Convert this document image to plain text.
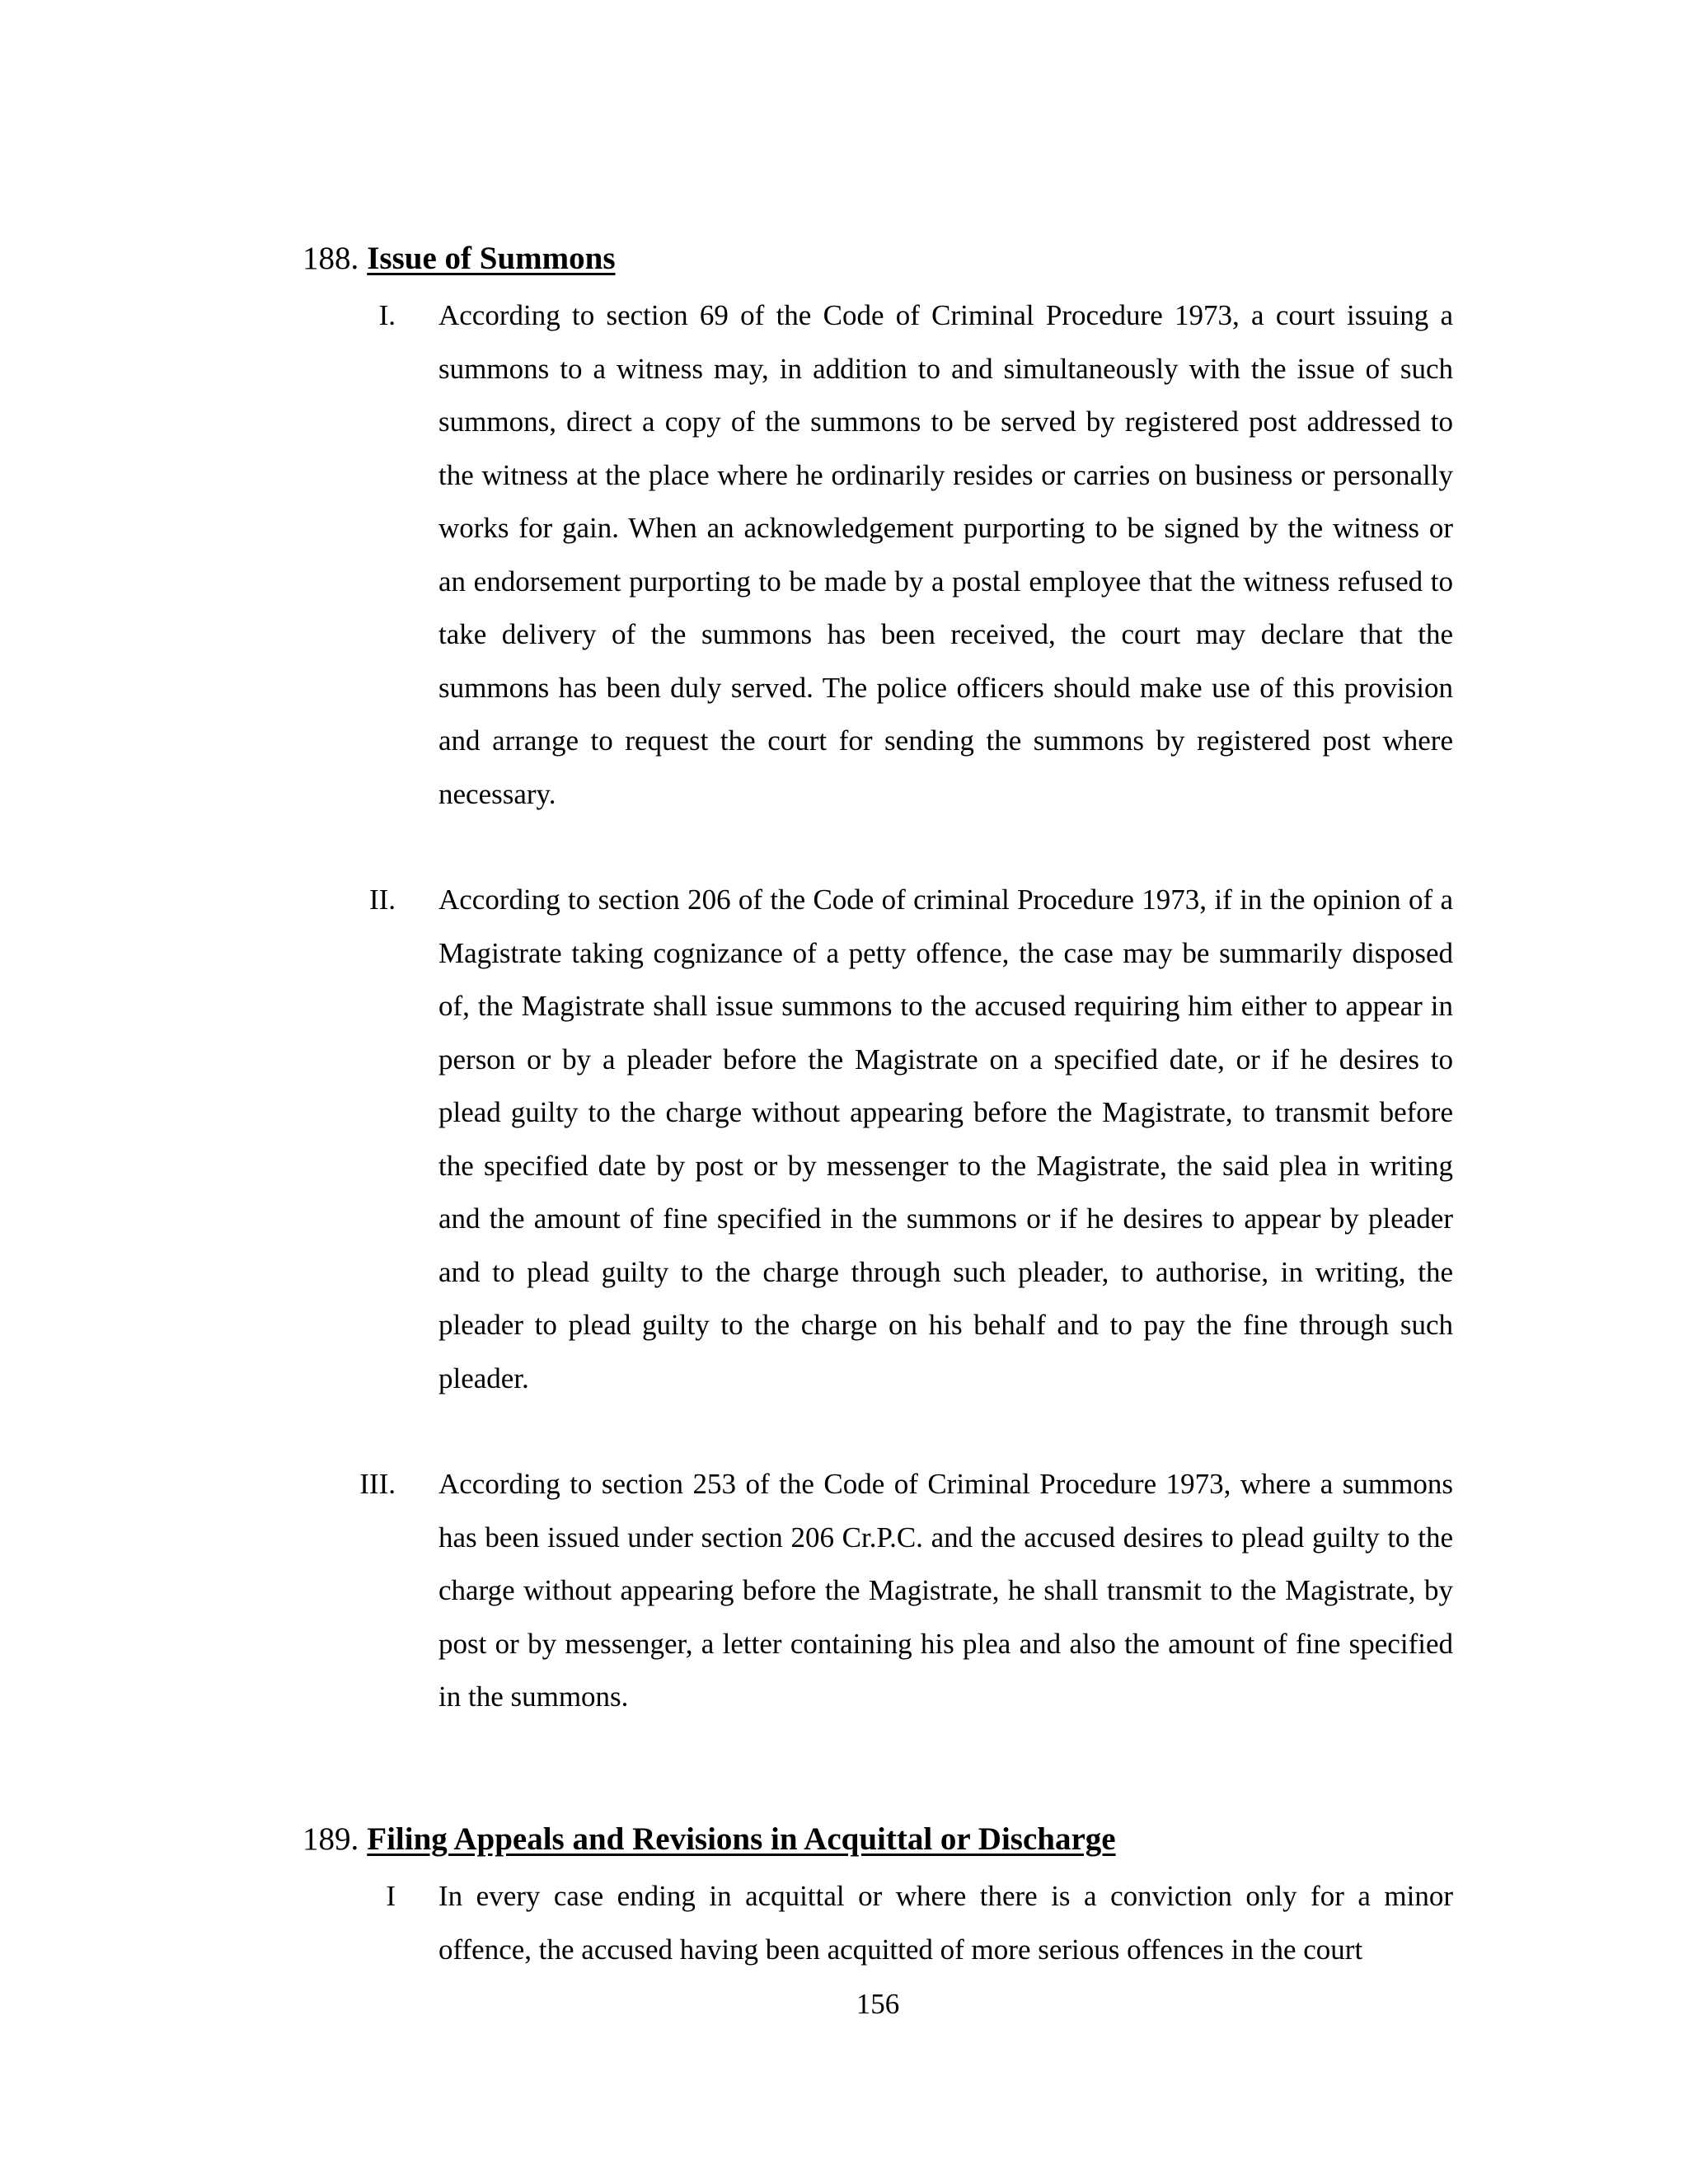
188. Issue of Summons
I. According to section 69 of the Code of Criminal Procedure 1973, a court issuing a summons to a witness may, in addition to and simultaneously with the issue of such summons, direct a copy of the summons to be served by registered post addressed to the witness at the place where he ordinarily resides or carries on business or personally works for gain. When an acknowledgement purporting to be signed by the witness or an endorsement purporting to be made by a postal employee that the witness refused to take delivery of the summons has been received, the court may declare that the summons has been duly served. The police officers should make use of this provision and arrange to request the court for sending the summons by registered post where necessary.
II. According to section 206 of the Code of criminal Procedure 1973, if in the opinion of a Magistrate taking cognizance of a petty offence, the case may be summarily disposed of, the Magistrate shall issue summons to the accused requiring him either to appear in person or by a pleader before the Magistrate on a specified date, or if he desires to plead guilty to the charge without appearing before the Magistrate, to transmit before the specified date by post or by messenger to the Magistrate, the said plea in writing and the amount of fine specified in the summons or if he desires to appear by pleader and to plead guilty to the charge through such pleader, to authorise, in writing, the pleader to plead guilty to the charge on his behalf and to pay the fine through such pleader.
III. According to section 253 of the Code of Criminal Procedure 1973, where a summons has been issued under section 206 Cr.P.C. and the accused desires to plead guilty to the charge without appearing before the Magistrate, he shall transmit to the Magistrate, by post or by messenger, a letter containing his plea and also the amount of fine specified in the summons.
189. Filing Appeals and Revisions in Acquittal or Discharge
I In every case ending in acquittal or where there is a conviction only for a minor offence, the accused having been acquitted of more serious offences in the court
156
